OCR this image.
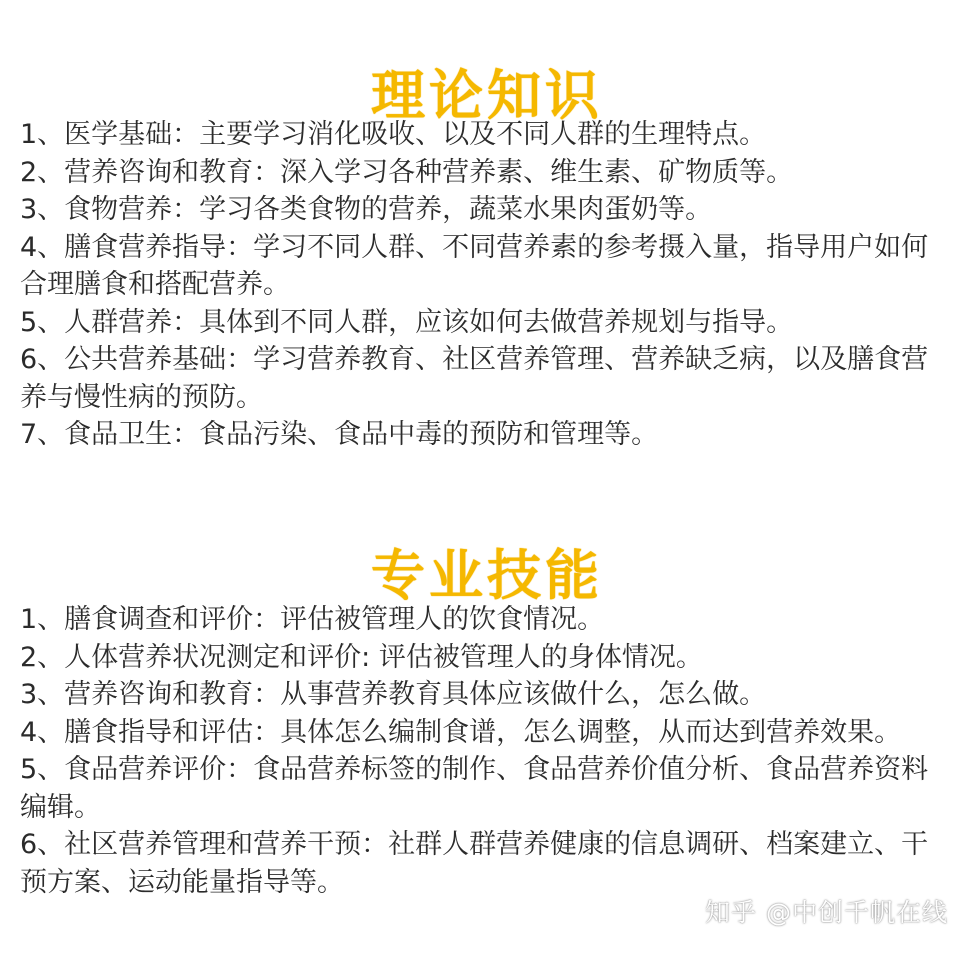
理论知识
1、医学基础：主要学习消化吸收、以及不同人群的生理特点。
2、营养咨询和教育：深入学习各种营养素、维生素、矿物质等。
3、食物营养：学习各类食物的营养，蔬菜水果肉蛋奶等。
4、膳食营养指导：学习不同人群、不同营养素的参考摄入量，指导用户如何合理膳食和搭配营养。
5、人群营养：具体到不同人群，应该如何去做营养规划与指导。
6、公共营养基础：学习营养教育、社区营养管理、营养缺乏病，以及膳食营养与慢性病的预防。
7、食品卫生：食品污染、食品中毒的预防和管理等。
专业技能
1、膳食调查和评价：评估被管理人的饮食情况。
2、人体营养状况测定和评价: 评估被管理人的身体情况。
3、营养咨询和教育：从事营养教育具体应该做什么，怎么做。
4、膳食指导和评估：具体怎么编制食谱，怎么调整，从而达到营养效果。
5、食品营养评价：食品营养标签的制作、食品营养价值分析、食品营养资料编辑。
6、社区营养管理和营养干预：社群人群营养健康的信息调研、档案建立、干预方案、运动能量指导等。
知乎 @中创千帆在线
